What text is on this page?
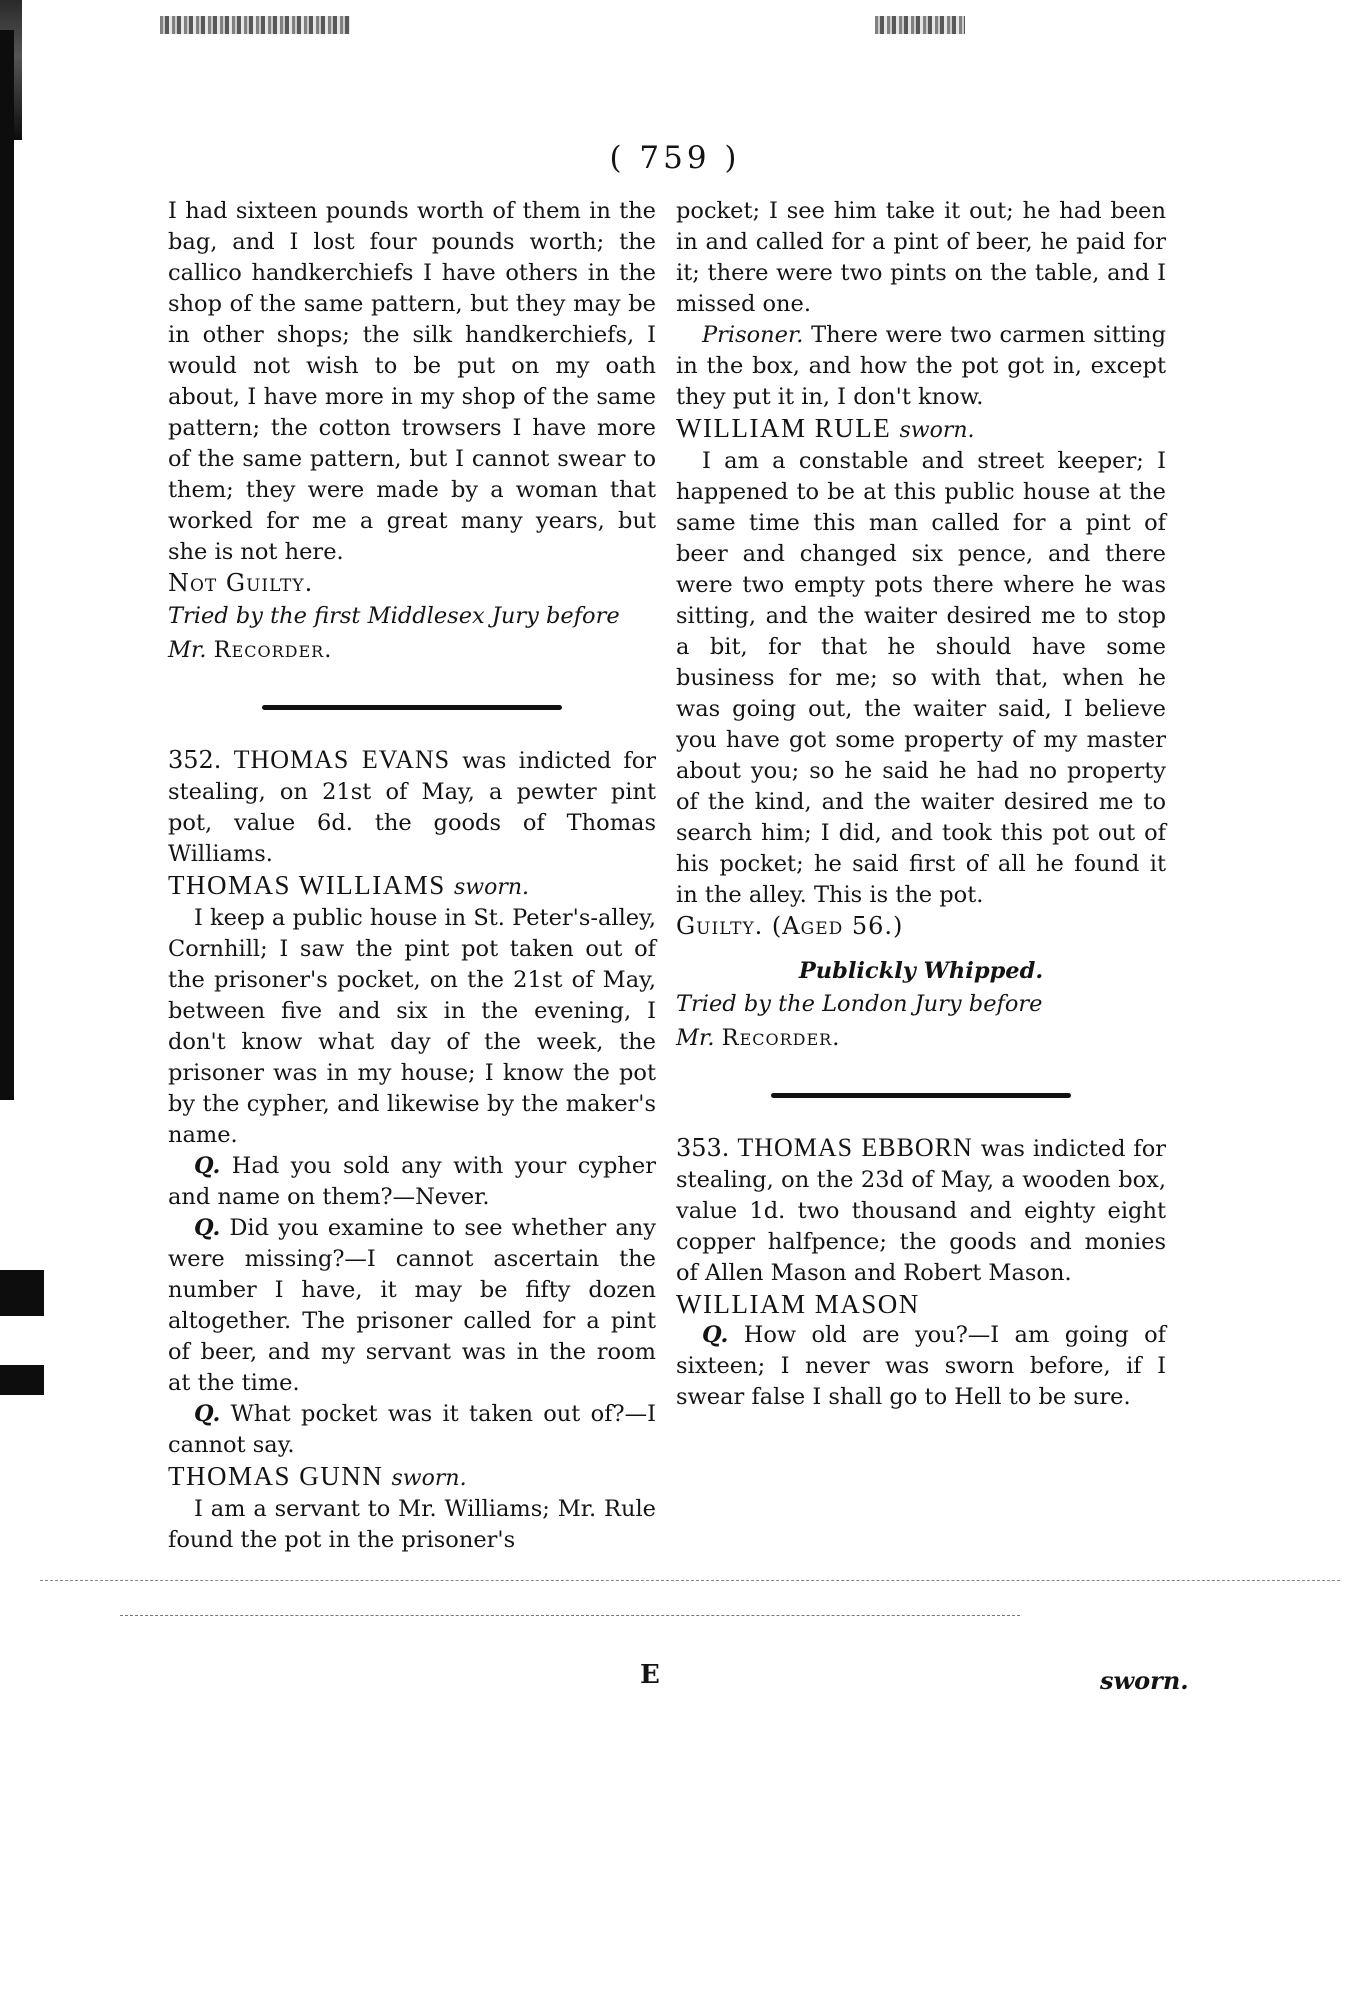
( 759 )

I had sixteen pounds worth of them in the bag, and I lost four pounds worth; the callico handkerchiefs I have others in the shop of the same pattern, but they may be in other shops; the silk handkerchiefs, I would not wish to be put on my oath about, I have more in my shop of the same pattern; the cotton trowsers I have more of the same pattern, but I cannot swear to them; they were made by a woman that worked for me a great many years, but she is not here.

Not Guilty.

Tried by the first Middlesex Jury before
Mr. Recorder.

352. THOMAS EVANS was indicted for stealing, on 21st of May, a pewter pint pot, value 6d. the goods of Thomas Williams.

THOMAS WILLIAMS sworn.

I keep a public house in St. Peter's-alley, Cornhill; I saw the pint pot taken out of the prisoner's pocket, on the 21st of May, between five and six in the evening, I don't know what day of the week, the prisoner was in my house; I know the pot by the cypher, and likewise by the maker's name.

Q. Had you sold any with your cypher and name on them?—Never.

Q. Did you examine to see whether any were missing?—I cannot ascertain the number I have, it may be fifty dozen altogether. The prisoner called for a pint of beer, and my servant was in the room at the time.

Q. What pocket was it taken out of?—I cannot say.

THOMAS GUNN sworn.

I am a servant to Mr. Williams; Mr. Rule found the pot in the prisoner's

pocket; I see him take it out; he had been in and called for a pint of beer, he paid for it; there were two pints on the table, and I missed one.

Prisoner. There were two carmen sitting in the box, and how the pot got in, except they put it in, I don't know.

WILLIAM RULE sworn.

I am a constable and street keeper; I happened to be at this public house at the same time this man called for a pint of beer and changed six pence, and there were two empty pots there where he was sitting, and the waiter desired me to stop a bit, for that he should have some business for me; so with that, when he was going out, the waiter said, I believe you have got some property of my master about you; so he said he had no property of the kind, and the waiter desired me to search him; I did, and took this pot out of his pocket; he said first of all he found it in the alley. This is the pot.

Guilty. (Aged 56.)

Publickly Whipped.

Tried by the London Jury before
Mr. Recorder.

353. THOMAS EBBORN was indicted for stealing, on the 23d of May, a wooden box, value 1d. two thousand and eighty eight copper halfpence; the goods and monies of Allen Mason and Robert Mason.

WILLIAM MASON

Q. How old are you?—I am going of sixteen; I never was sworn before, if I swear false I shall go to Hell to be sure.

E	sworn.
